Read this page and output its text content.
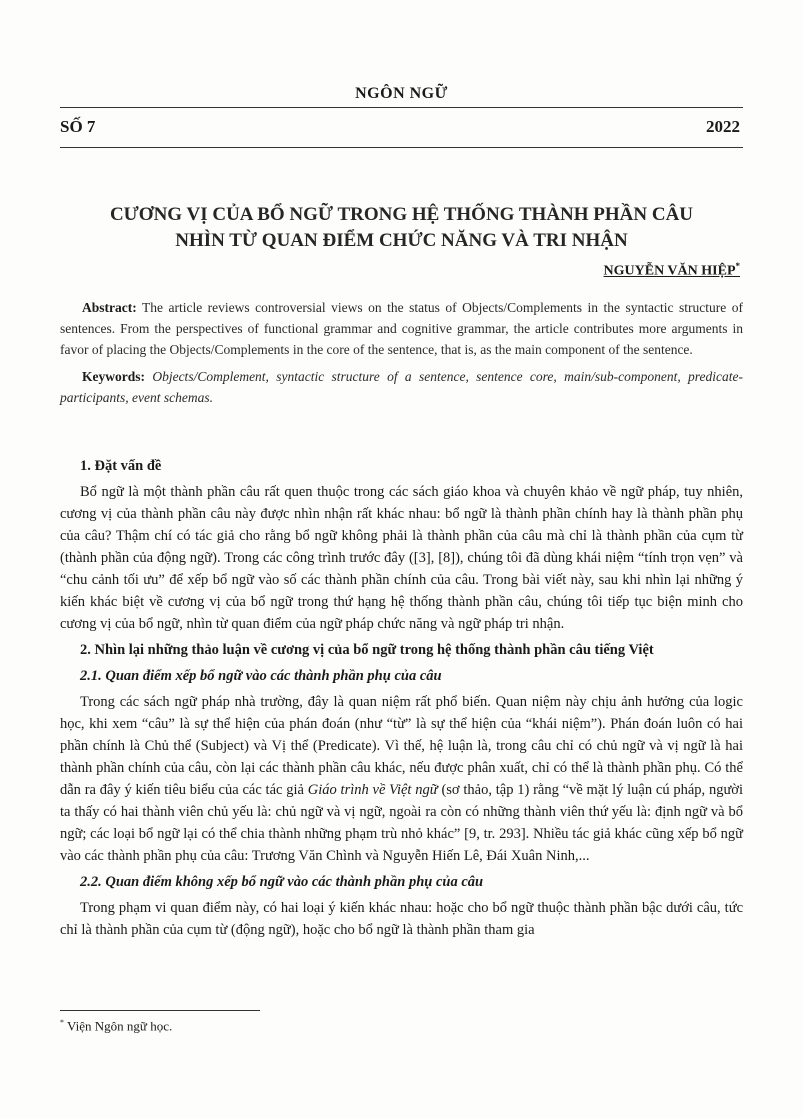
NGÔN NGỮ
SỐ 7	2022
CƯƠNG VỊ CỦA BỔ NGỮ TRONG HỆ THỐNG THÀNH PHẦN CÂU
NHÌN TỪ QUAN ĐIỂM CHỨC NĂNG VÀ TRI NHẬN
NGUYỄN VĂN HIỆP*

Abstract: The article reviews controversial views on the status of Objects/Complements in the syntactic structure of sentences. From the perspectives of functional grammar and cognitive grammar, the article contributes more arguments in favor of placing the Objects/Complements in the core of the sentence, that is, as the main component of the sentence.

Keywords: Objects/Complement, syntactic structure of a sentence, sentence core, main/sub-component, predicate-participants, event schemas.

1. Đặt vấn đề

Bổ ngữ là một thành phần câu rất quen thuộc trong các sách giáo khoa và chuyên khảo về ngữ pháp, tuy nhiên, cương vị của thành phần câu này được nhìn nhận rất khác nhau: bổ ngữ là thành phần chính hay là thành phần phụ của câu? Thậm chí có tác giả cho rằng bổ ngữ không phải là thành phần của câu mà chỉ là thành phần của cụm từ (thành phần của động ngữ). Trong các công trình trước đây ([3], [8]), chúng tôi đã dùng khái niệm “tính trọn vẹn” và “chu cảnh tối ưu” để xếp bổ ngữ vào số các thành phần chính của câu. Trong bài viết này, sau khi nhìn lại những ý kiến khác biệt về cương vị của bổ ngữ trong thứ hạng hệ thống thành phần câu, chúng tôi tiếp tục biện minh cho cương vị của bổ ngữ, nhìn từ quan điểm của ngữ pháp chức năng và ngữ pháp tri nhận.

2. Nhìn lại những thảo luận về cương vị của bổ ngữ trong hệ thống thành phần câu tiếng Việt
2.1. Quan điểm xếp bổ ngữ vào các thành phần phụ của câu

Trong các sách ngữ pháp nhà trường, đây là quan niệm rất phổ biến. Quan niệm này chịu ảnh hưởng của logic học, khi xem “câu” là sự thể hiện của phán đoán (như “từ” là sự thể hiện của “khái niệm”). Phán đoán luôn có hai phần chính là Chủ thể (Subject) và Vị thể (Predicate). Vì thế, hệ luận là, trong câu chỉ có chủ ngữ và vị ngữ là hai thành phần chính của câu, còn lại các thành phần câu khác, nếu được phân xuất, chỉ có thể là thành phần phụ. Có thể dẫn ra đây ý kiến tiêu biểu của các tác giả Giáo trình về Việt ngữ (sơ thảo, tập 1) rằng “về mặt lý luận cú pháp, người ta thấy có hai thành viên chủ yếu là: chủ ngữ và vị ngữ, ngoài ra còn có những thành viên thứ yếu là: định ngữ và bổ ngữ; các loại bổ ngữ lại có thể chia thành những phạm trù nhỏ khác” [9, tr. 293]. Nhiều tác giả khác cũng xếp bổ ngữ vào các thành phần phụ của câu: Trương Văn Chình và Nguyễn Hiến Lê, Đái Xuân Ninh,...

2.2. Quan điểm không xếp bổ ngữ vào các thành phần phụ của câu

Trong phạm vi quan điểm này, có hai loại ý kiến khác nhau: hoặc cho bổ ngữ thuộc thành phần bậc dưới câu, tức chỉ là thành phần của cụm từ (động ngữ), hoặc cho bổ ngữ là thành phần tham gia

* Viện Ngôn ngữ học.
